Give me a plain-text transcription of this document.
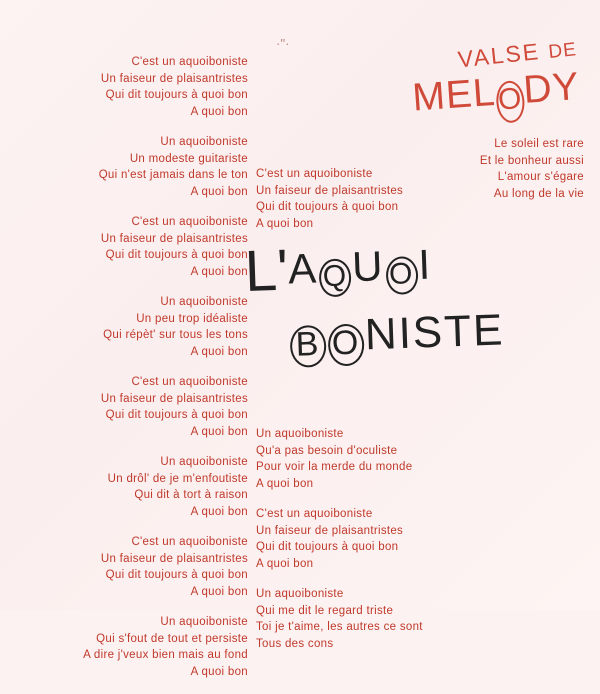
·''·	VALSE DE
MELODY
Le soleil est rare
Et le bonheur aussi
L'amour s'égare
Au long de la vie
C'est un aquoiboniste
Un faiseur de plaisantristes
Qui dit toujours à quoi bon
A quoi bon
Un aquoiboniste
Un modeste guitariste
Qui n'est jamais dans le ton
A quoi bon
C'est un aquoiboniste
Un faiseur de plaisantristes
Qui dit toujours à quoi bon
A quoi bon
Un aquoiboniste
Un peu trop idéaliste
Qui répèt' sur tous les tons
A quoi bon
C'est un aquoiboniste
Un faiseur de plaisantristes
Qui dit toujours à quoi bon
A quoi bon
Un aquoiboniste
Un drôl' de je m'enfoutiste
Qui dit à tort à raison
A quoi bon
C'est un aquoiboniste
Un faiseur de plaisantristes
Qui dit toujours à quoi bon
A quoi bon
Un aquoiboniste
Qui s'fout de tout et persiste
A dire j'veux bien mais au fond
A quoi bon
C'est un aquoiboniste
Un faiseur de plaisantristes
Qui dit toujours à quoi bon
A quoi bon
Un aquoiboniste
Qu'a pas besoin d'oculiste
Pour voir la merde du monde
A quoi bon
C'est un aquoiboniste
Un faiseur de plaisantristes
Qui dit toujours à quoi bon
A quoi bon
Un aquoiboniste
Qui me dit le regard triste
Toi je t'aime, les autres ce sont
Tous des cons
L'A QU OI
B ONISTE
